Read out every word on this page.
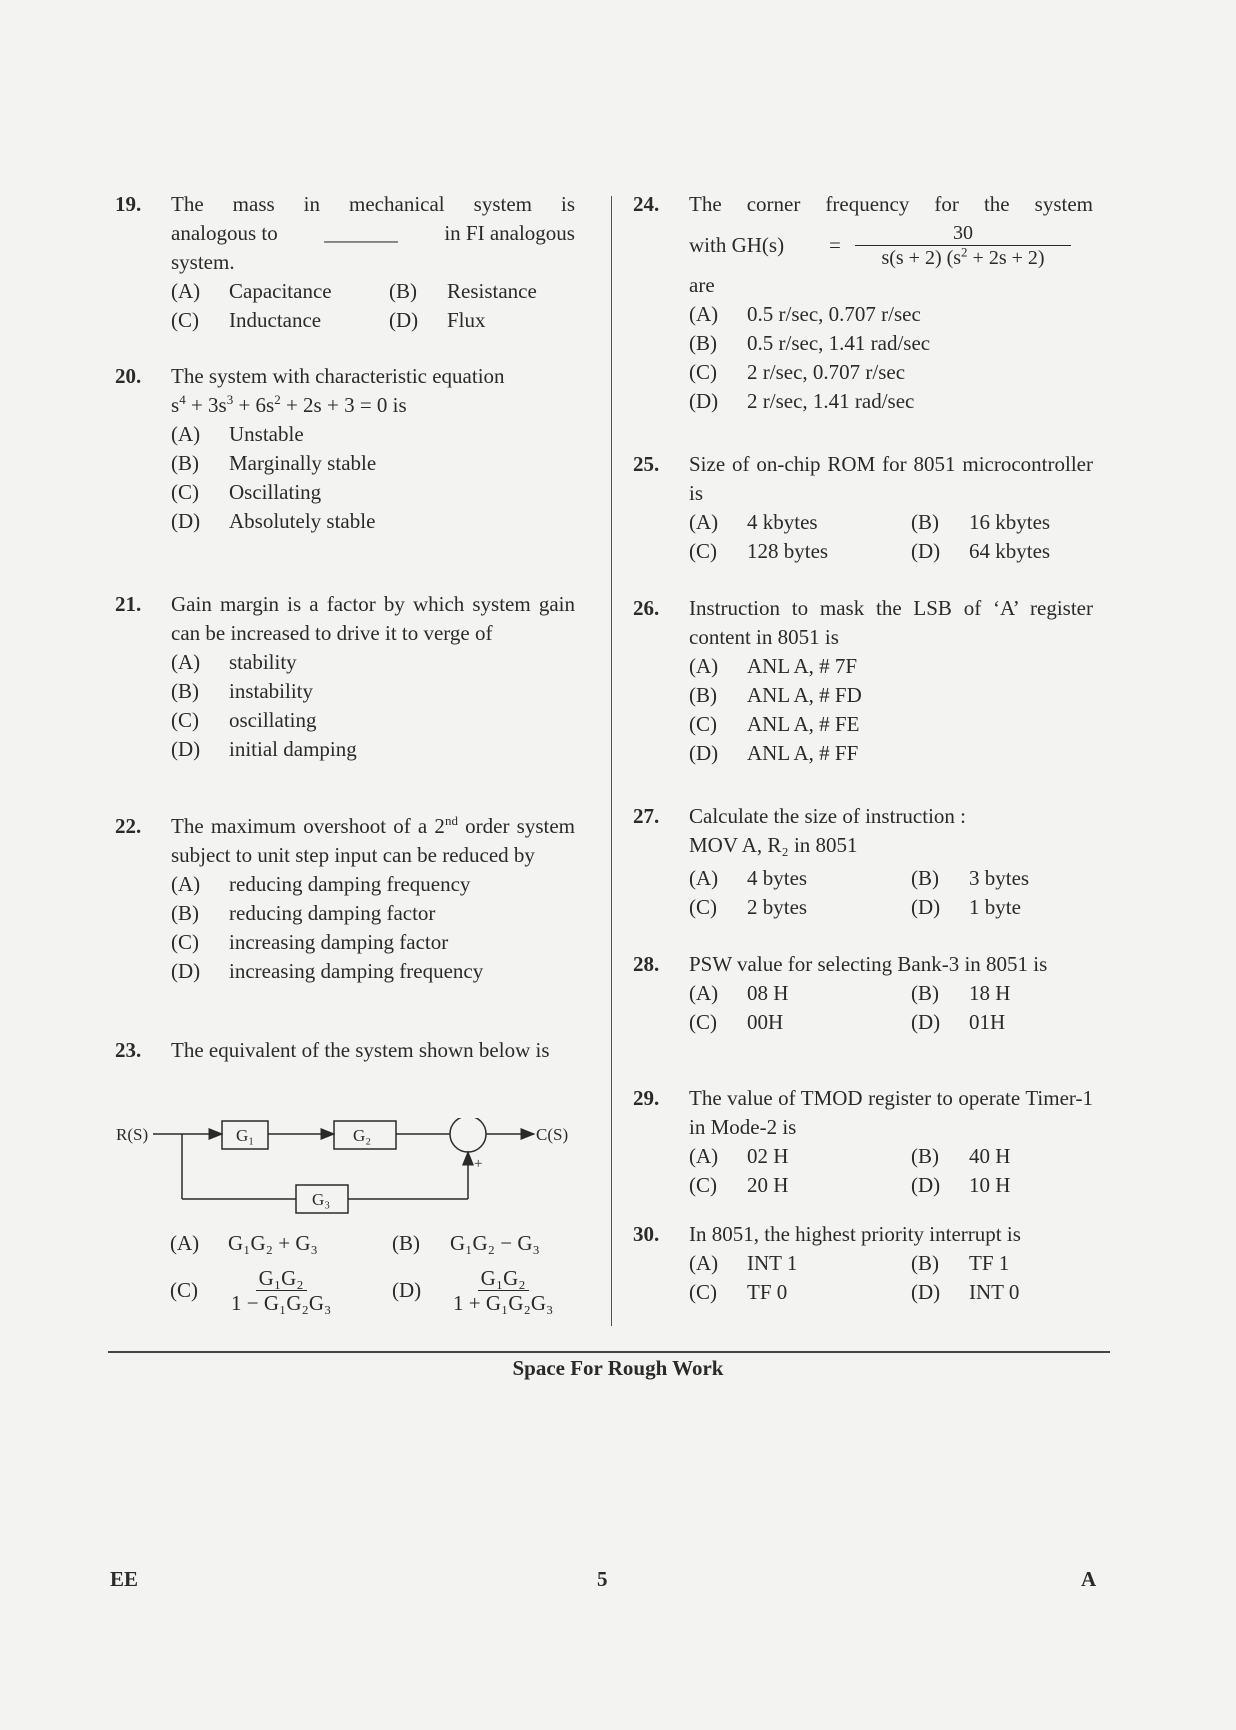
19. The mass in mechanical system is
analogous to _______ in FI analogous
system.
(A)	Capacitance	(B)	Resistance
(C)	Inductance	(D)	Flux
20. The system with characteristic equation
$s^4 + 3s^3 + 6s^2 + 2s + 3 = 0$ is
(A)	Unstable
(B)	Marginally stable
(C)	Oscillating
(D)	Absolutely stable
21. Gain margin is a factor by which system gain can be increased to drive it to verge of
(A)	stability
(B)	instability
(C)	oscillating
(D)	initial damping
22. The maximum overshoot of a 2nd order system subject to unit step input can be reduced by
(A)	reducing damping frequency
(B)	reducing damping factor
(C)	increasing damping factor
(D)	increasing damping frequency
23. The equivalent of the system shown below is
R(S)	G₁	G₂	C(S)
G₃
+
(A)	G₁G₂ + G₃	(B)	G₁G₂ − G₃
(C)	$\frac{\text{G₁G₂}}{\text{1 − G₁G₂G₃}}$	(D)	$\frac{\text{G₁G₂}}{\text{1 + G₁G₂G₃}}$
24. The corner frequency for the system
with GH(s)	= $\frac{30}{s(s + 2) (s^2 + 2s + 2)}$
are
(A)	0.5 r/sec, 0.707 r/sec
(B)	0.5 r/sec, 1.41 rad/sec
(C)	2 r/sec, 0.707 r/sec
(D)	2 r/sec, 1.41 rad/sec
25. Size of on-chip ROM for 8051 microcontroller is
(A)	4 kbytes	(B)	16 kbytes
(C)	128 bytes	(D)	64 kbytes
26. Instruction to mask the LSB of ‘A’ register content in 8051 is
(A)	ANL A, # 7F
(B)	ANL A, # FD
(C)	ANL A, # FE
(D)	ANL A, # FF
27. Calculate the size of instruction :
MOV A, R₂ in 8051
(A)	4 bytes	(B)	3 bytes
(C)	2 bytes	(D)	1 byte
28. PSW value for selecting Bank-3 in 8051 is
(A)	08 H	(B)	18 H
(C)	00H	(D)	01H
29. The value of TMOD register to operate Timer-1 in Mode-2 is
(A)	02 H	(B)	40 H
(C)	20 H	(D)	10 H
30. In 8051, the highest priority interrupt is
(A)	INT 1	(B)	TF 1
(C)	TF 0	(D)	INT 0
Space For Rough Work
EE	5	A
